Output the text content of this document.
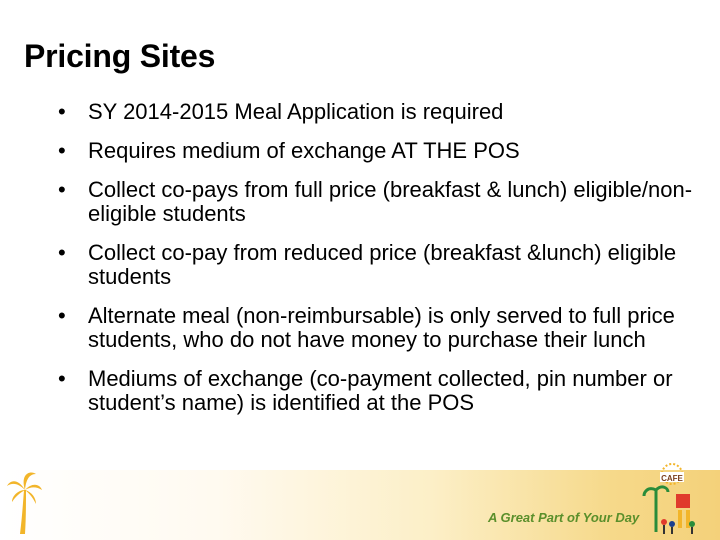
Pricing Sites
• SY 2014-2015 Meal Application is required
• Requires medium of exchange AT THE POS
• Collect co-pays from full price (breakfast & lunch) eligible/non-eligible students
• Collect co-pay from reduced price (breakfast &lunch) eligible students
• Alternate meal (non-reimbursable) is only served to full price students, who do not have money to purchase their lunch
• Mediums of exchange (co-payment collected, pin number or student’s name) is identified at the POS
A Great Part of Your Day
CAFE
